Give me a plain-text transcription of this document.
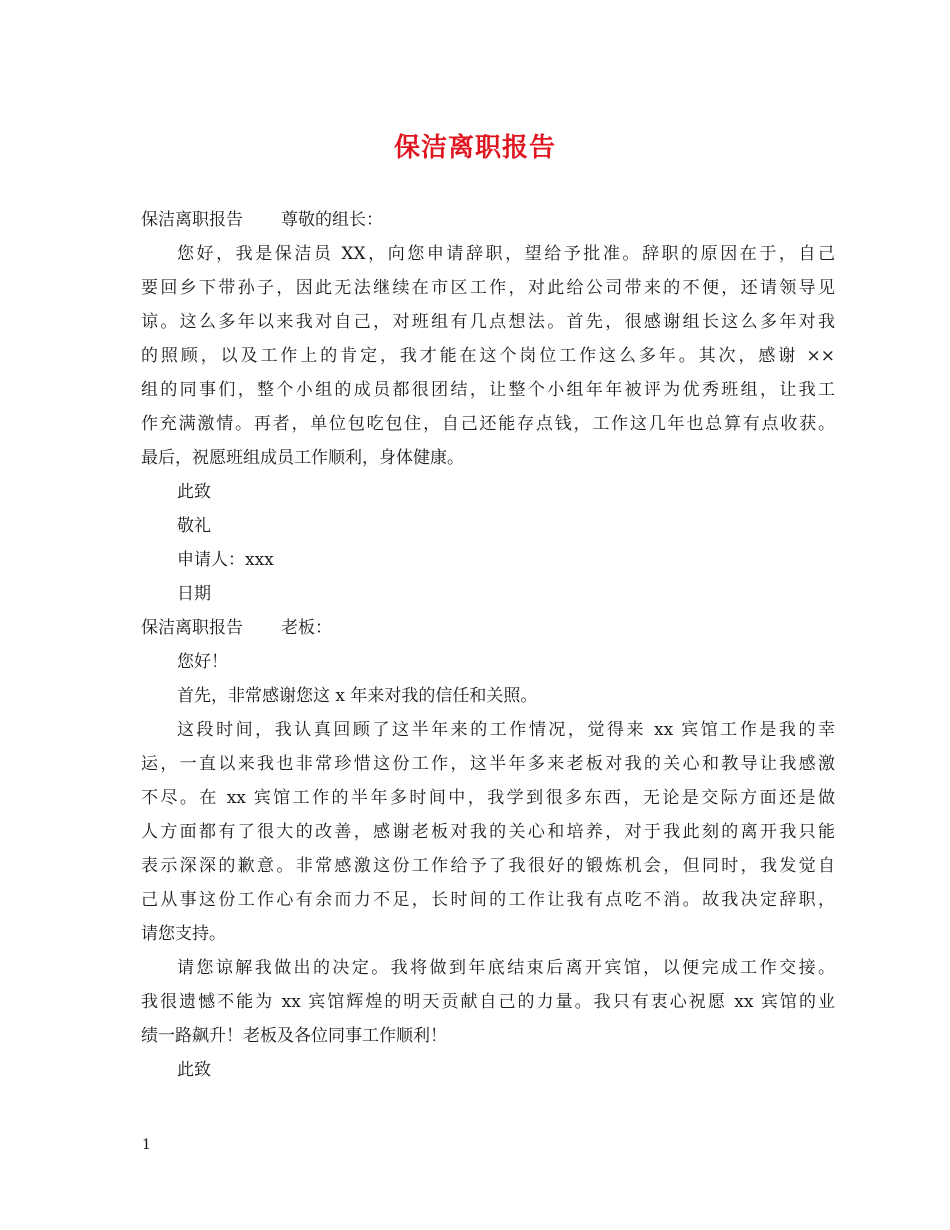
保洁离职报告
保洁离职报告 尊敬的组长：
您好，我是保洁员 XX，向您申请辞职，望给予批准。辞职的原因在于，自己
要回乡下带孙子，因此无法继续在市区工作，对此给公司带来的不便，还请领导见
谅。这么多年以来我对自己，对班组有几点想法。首先，很感谢组长这么多年对我
的照顾，以及工作上的肯定，我才能在这个岗位工作这么多年。其次，感谢 ××
组的同事们，整个小组的成员都很团结，让整个小组年年被评为优秀班组，让我工
作充满激情。再者，单位包吃包住，自己还能存点钱，工作这几年也总算有点收获。
最后，祝愿班组成员工作顺利，身体健康。
此致
敬礼
申请人：xxx
日期
保洁离职报告 老板：
您好！
首先，非常感谢您这 x 年来对我的信任和关照。
这段时间，我认真回顾了这半年来的工作情况，觉得来 xx 宾馆工作是我的幸
运，一直以来我也非常珍惜这份工作，这半年多来老板对我的关心和教导让我感激
不尽。在 xx 宾馆工作的半年多时间中，我学到很多东西，无论是交际方面还是做
人方面都有了很大的改善，感谢老板对我的关心和培养，对于我此刻的离开我只能
表示深深的歉意。非常感激这份工作给予了我很好的锻炼机会，但同时，我发觉自
己从事这份工作心有余而力不足，长时间的工作让我有点吃不消。故我决定辞职，
请您支持。
请您谅解我做出的决定。我将做到年底结束后离开宾馆，以便完成工作交接。
我很遗憾不能为 xx 宾馆辉煌的明天贡献自己的力量。我只有衷心祝愿 xx 宾馆的业
绩一路飙升！老板及各位同事工作顺利！
此致
1
